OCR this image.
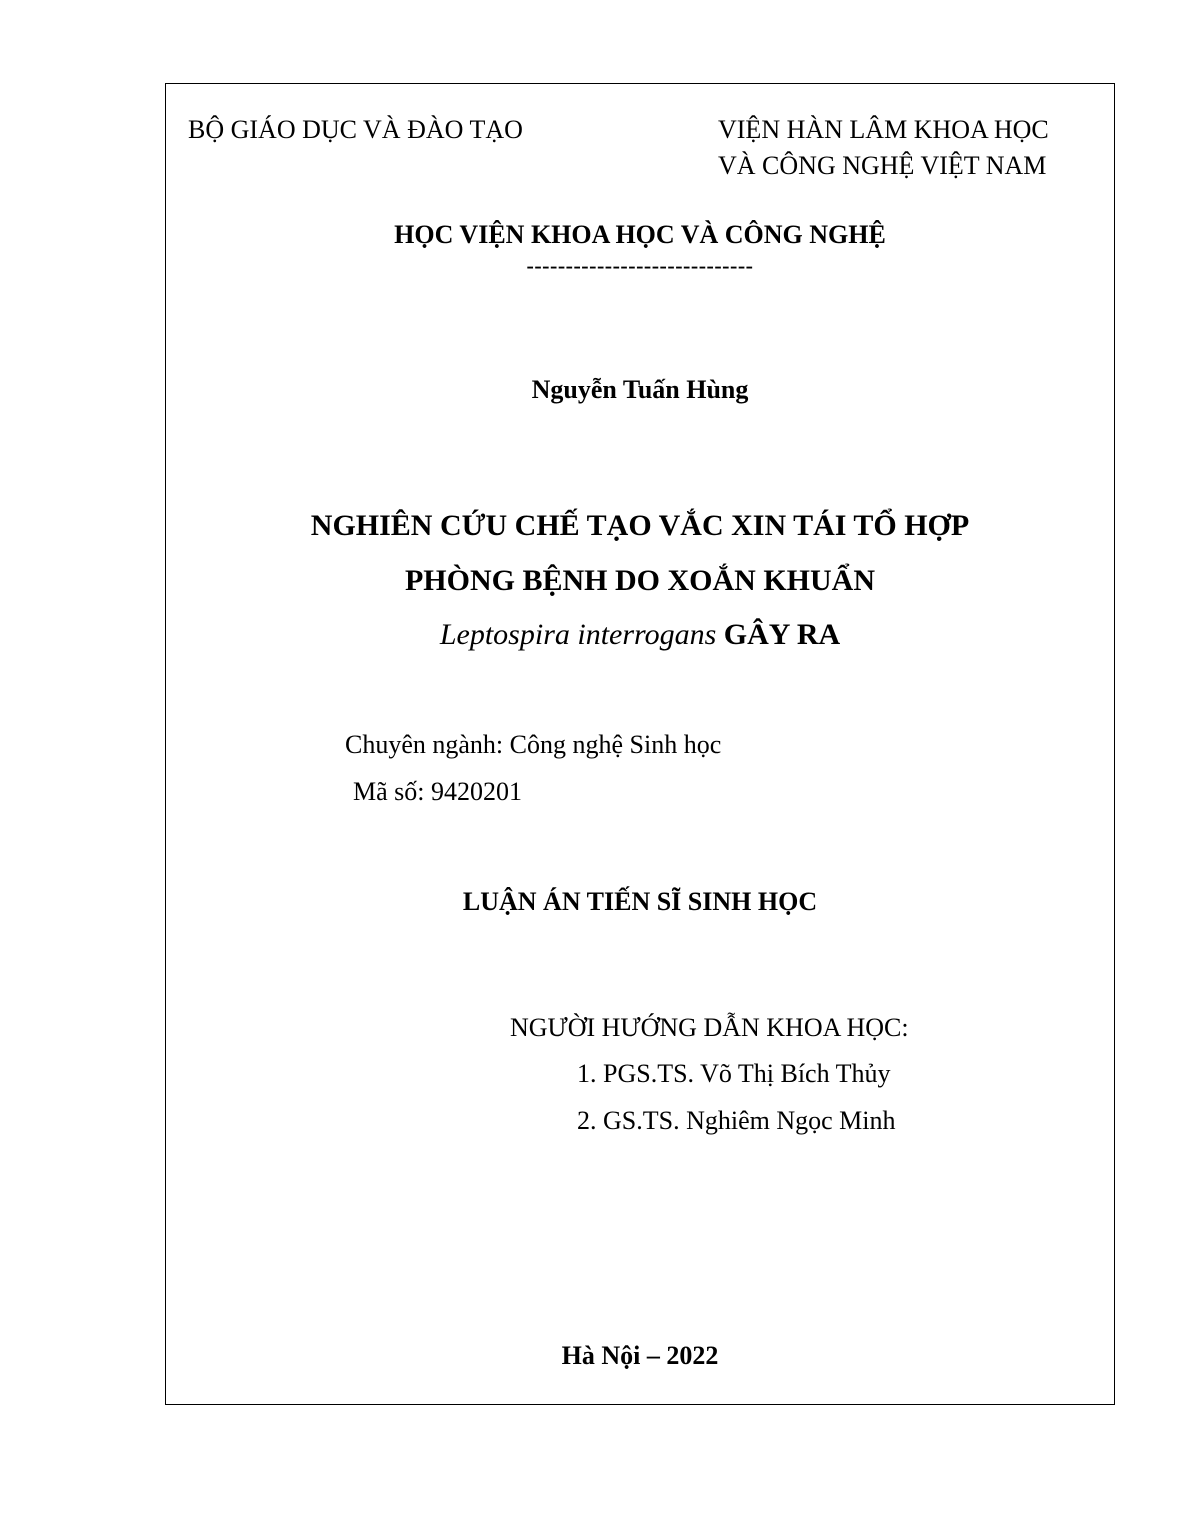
BỘ GIÁO DỤC VÀ ĐÀO TẠO	VIỆN HÀN LÂM KHOA HỌC
VÀ CÔNG NGHỆ VIỆT NAM
HỌC VIỆN KHOA HỌC VÀ CÔNG NGHỆ
-----------------------------
Nguyễn Tuấn Hùng
NGHIÊN CỨU CHẾ TẠO VẮC XIN TÁI TỔ HỢP
PHÒNG BỆNH DO XOẮN KHUẨN
Leptospira interrogans GÂY RA
Chuyên ngành: Công nghệ Sinh học
Mã số: 9420201
LUẬN ÁN TIẾN SĨ SINH HỌC
NGƯỜI HƯỚNG DẪN KHOA HỌC:
1. PGS.TS. Võ Thị Bích Thủy
2. GS.TS. Nghiêm Ngọc Minh
Hà Nội – 2022
